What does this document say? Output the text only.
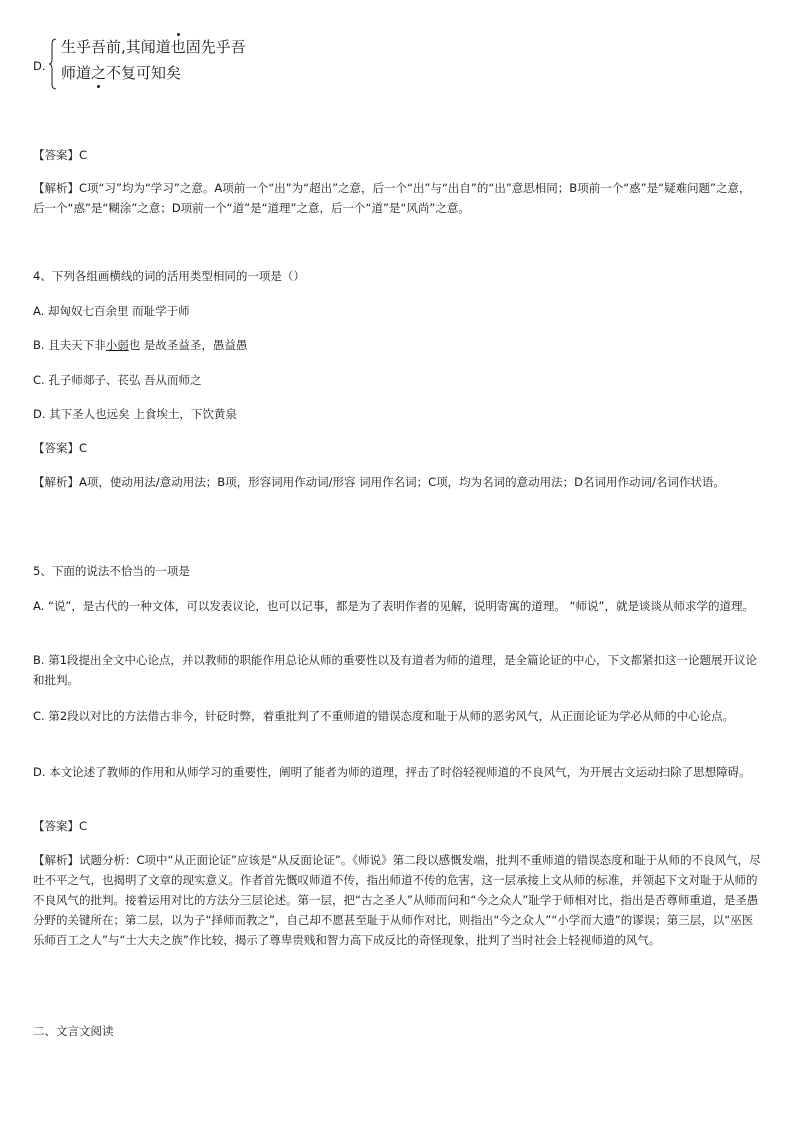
D.
生乎吾前,其闻道也固先乎吾
师道之不复可知矣
【答案】C
【解析】C项“习”均为“学习”之意。A项前一个“出”为“超出”之意，后一个“出”与“出自”的“出”意思相同；B项前一个“惑”是“疑难问题”之意，后一个“惑”是“糊涂”之意；D项前一个“道”是“道理”之意，后一个“道”是“风尚”之意。
4、下列各组画横线的词的活用类型相同的一项是（）
A. 却匈奴七百余里 而耻学于师
B. 且夫天下非小弱也 是故圣益圣，愚益愚
C. 孔子师郯子、苌弘 吾从而师之
D. 其下圣人也远矣 上食埃土，下饮黄泉
【答案】C
【解析】A项，使动用法/意动用法；B项，形容词用作动词/形容 词用作名词；C项，均为名词的意动用法；D名词用作动词/名词作状语。
5、下面的说法不恰当的一项是
A. “说”，是古代的一种文体，可以发表议论，也可以记事，都是为了表明作者的见解，说明寄寓的道理。 “师说”，就是谈谈从师求学的道理。
B. 第1段提出全文中心论点，并以教师的职能作用总论从师的重要性以及有道者为师的道理，是全篇论证的中心，下文都紧扣这一论题展开议论和批判。
C. 第2段以对比的方法借古非今，针砭时弊，着重批判了不重师道的错误态度和耻于从师的恶劣风气，从正面论证为学必从师的中心论点。
D. 本文论述了教师的作用和从师学习的重要性，阐明了能者为师的道理，抨击了时俗轻视师道的不良风气，为开展古文运动扫除了思想障碍。
【答案】C
【解析】试题分析：C项中“从正面论证”应该是“从反面论证”。《师说》第二段以感慨发端，批判不重师道的错误态度和耻于从师的不良风气，尽吐不平之气，也揭明了文章的现实意义。作者首先慨叹师道不传，指出师道不传的危害，这一层承接上文从师的标准，并领起下文对耻于从师的不良风气的批判。接着运用对比的方法分三层论述。第一层，把“古之圣人”从师而问和“今之众人”耻学于师相对比，指出是否尊师重道，是圣愚分野的关键所在；第二层，以为子“择师而教之”，自己却不愿甚至耻于从师作对比，则指出“今之众人”“小学而大遗”的谬误；第三层，以“巫医乐师百工之人”与“士大夫之族”作比较，揭示了尊卑贵贱和智力高下成反比的奇怪现象，批判了当时社会上轻视师道的风气。
二、文言文阅读
